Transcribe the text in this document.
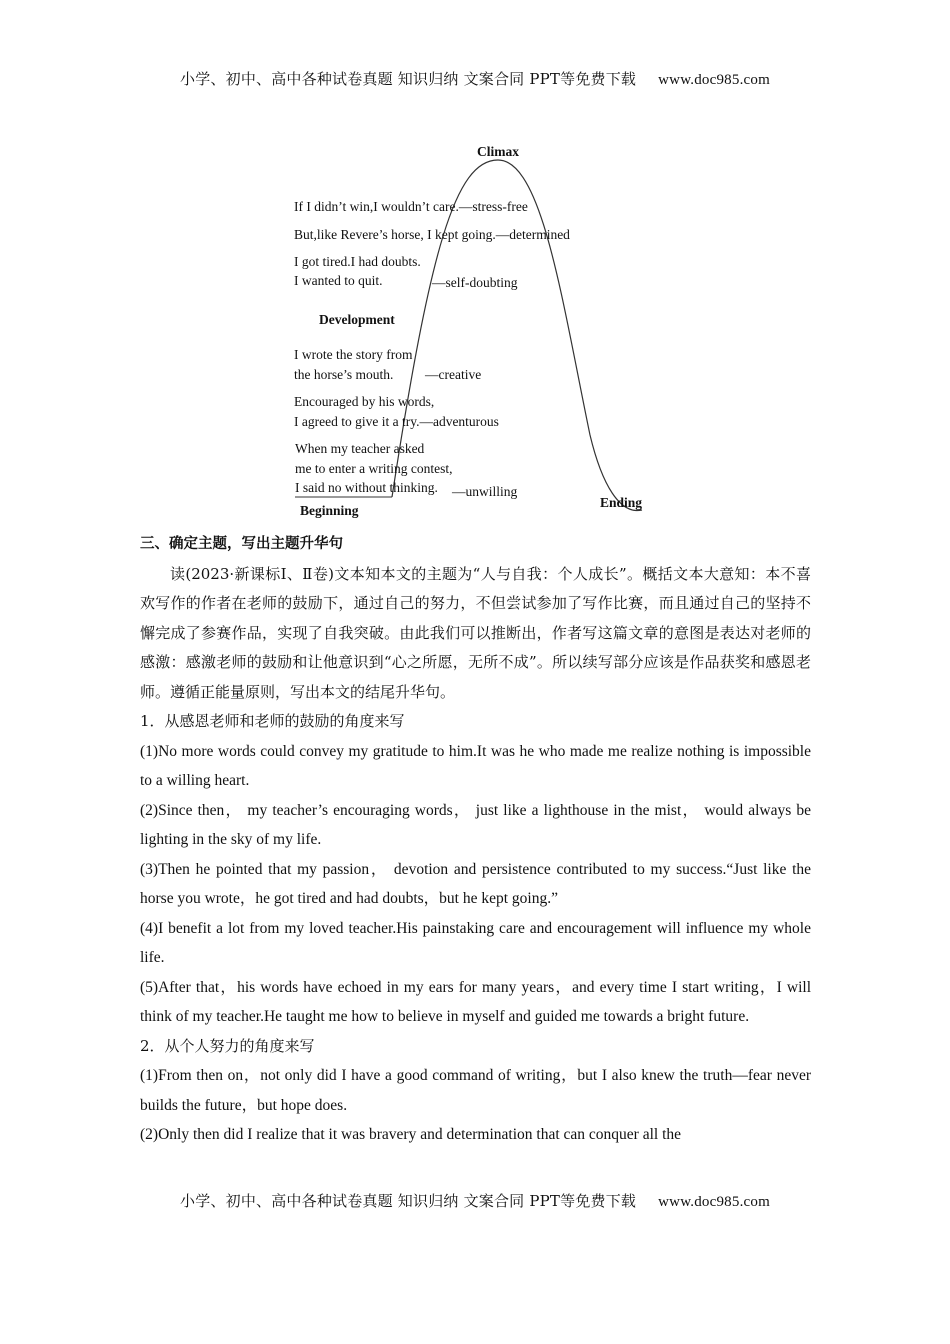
小学、初中、高中各种试卷真题 知识归纳 文案合同 PPT等免费下载 www.doc985.com
Climax
If I didn’t win,I wouldn’t care.—stress-free
But,like Revere’s horse, I kept going.—determined
I got tired.I had doubts.
I wanted to quit.	—self-doubting
Development
I wrote the story from
the horse’s mouth. —creative
Encouraged by his words,
I agreed to give it a try.—adventurous
When my teacher asked
me to enter a writing contest,
I said no without thinking. —unwilling
Beginning
Ending
三、确定主题，写出主题升华句
读(2023·新课标Ⅰ、Ⅱ卷)文本知本文的主题为“人与自我：个人成长”。概括文本大意知：本不喜欢写作的作者在老师的鼓励下，通过自己的努力，不但尝试参加了写作比赛，而且通过自己的坚持不懈完成了参赛作品，实现了自我突破。由此我们可以推断出，作者写这篇文章的意图是表达对老师的感激：感激老师的鼓励和让他意识到“心之所愿，无所不成”。所以续写部分应该是作品获奖和感恩老师。遵循正能量原则，写出本文的结尾升华句。
1．从感恩老师和老师的鼓励的角度来写
(1)No more words could convey my gratitude to him.It was he who made me realize nothing is impossible to a willing heart.
(2)Since then， my teacher’s encouraging words， just like a lighthouse in the mist， would always be lighting in the sky of my life.
(3)Then he pointed that my passion， devotion and persistence contributed to my success.“Just like the horse you wrote，he got tired and had doubts，but he kept going.”
(4)I benefit a lot from my loved teacher.His painstaking care and encouragement will influence my whole life.
(5)After that，his words have echoed in my ears for many years，and every time I start writing，I will think of my teacher.He taught me how to believe in myself and guided me towards a bright future.
2．从个人努力的角度来写
(1)From then on，not only did I have a good command of writing，but I also knew the truth—fear never builds the future，but hope does.
(2)Only then did I realize that it was bravery and determination that can conquer all the
小学、初中、高中各种试卷真题 知识归纳 文案合同 PPT等免费下载 www.doc985.com
